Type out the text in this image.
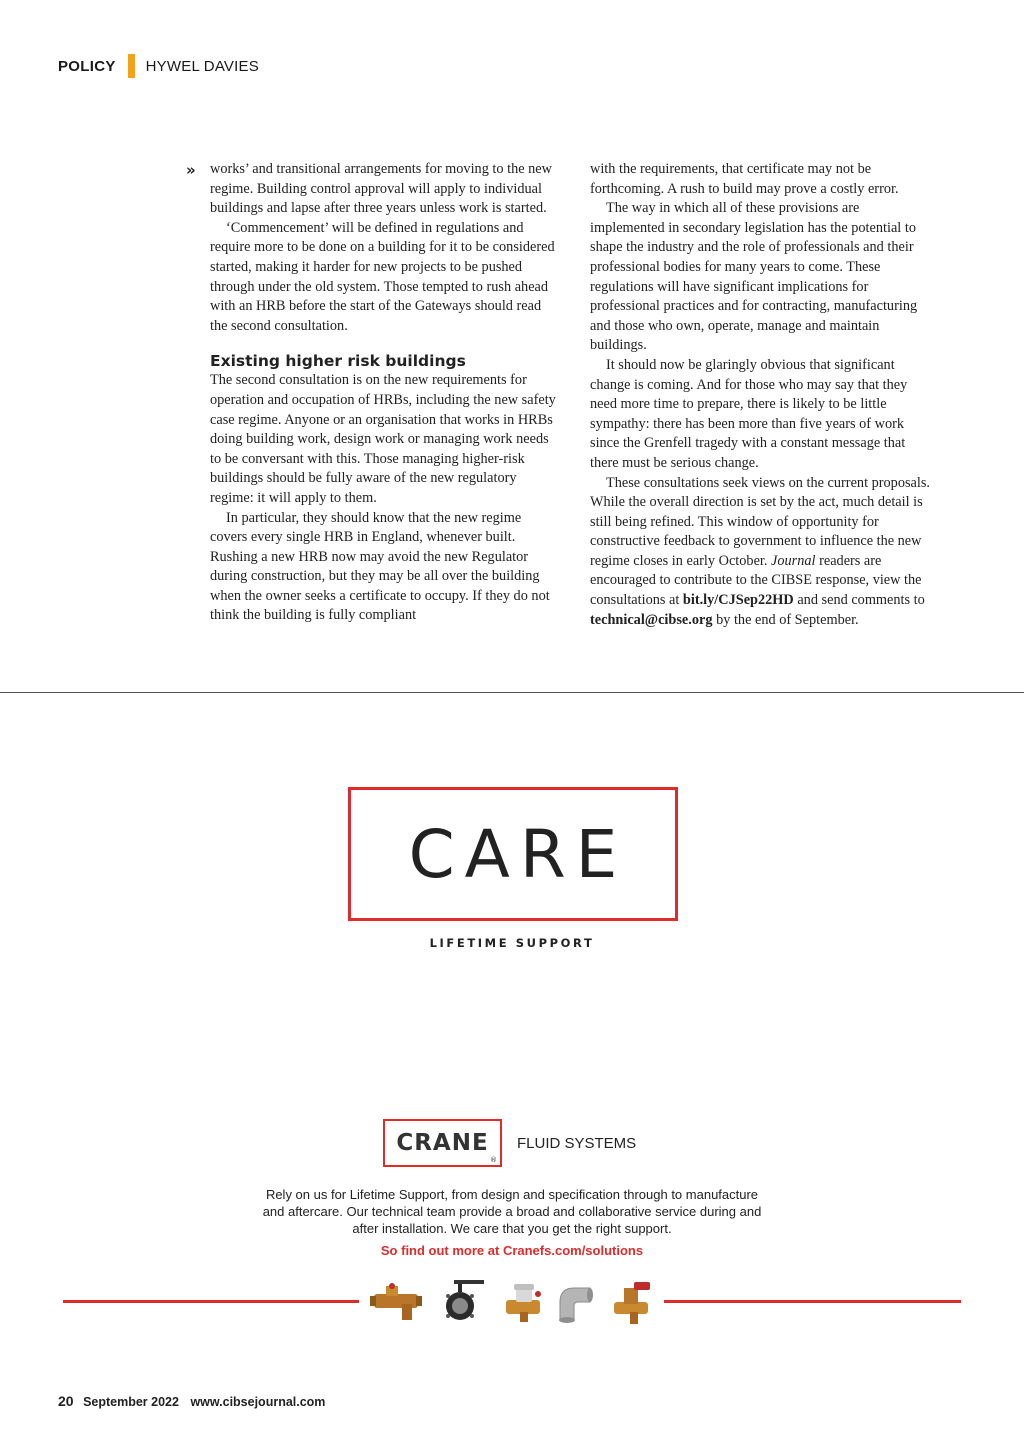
POLICY HYWEL DAVIES
» works’ and transitional arrangements for moving to the new regime. Building control approval will apply to individual buildings and lapse after three years unless work is started.

‘Commencement’ will be defined in regulations and require more to be done on a building for it to be considered started, making it harder for new projects to be pushed through under the old system. Those tempted to rush ahead with an HRB before the start of the Gateways should read the second consultation.

Existing higher risk buildings

The second consultation is on the new requirements for operation and occupation of HRBs, including the new safety case regime. Anyone or an organisation that works in HRBs doing building work, design work or managing work needs to be conversant with this. Those managing higher-risk buildings should be fully aware of the new regulatory regime: it will apply to them.

In particular, they should know that the new regime covers every single HRB in England, whenever built. Rushing a new HRB now may avoid the new Regulator during construction, but they may be all over the building when the owner seeks a certificate to occupy. If they do not think the building is fully compliant

with the requirements, that certificate may not be forthcoming. A rush to build may prove a costly error.

The way in which all of these provisions are implemented in secondary legislation has the potential to shape the industry and the role of professionals and their professional bodies for many years to come. These regulations will have significant implications for professional practices and for contracting, manufacturing and those who own, operate, manage and maintain buildings.

It should now be glaringly obvious that significant change is coming. And for those who may say that they need more time to prepare, there is likely to be little sympathy: there has been more than five years of work since the Grenfell tragedy with a constant message that there must be serious change.

These consultations seek views on the current proposals. While the overall direction is set by the act, much detail is still being refined. This window of opportunity for constructive feedback to government to influence the new regime closes in early October. Journal readers are encouraged to contribute to the CIBSE response, view the consultations at bit.ly/CJSep22HD and send comments to technical@cibse.org by the end of September.

CARE
LIFETIME SUPPORT
CRANE
®
FLUID SYSTEMS
Rely on us for Lifetime Support, from design and specification through to manufacture and aftercare. Our technical team provide a broad and collaborative service during and after installation. We care that you get the right support.
So find out more at Cranefs.com/solutions
20 September 2022 www.cibsejournal.com
